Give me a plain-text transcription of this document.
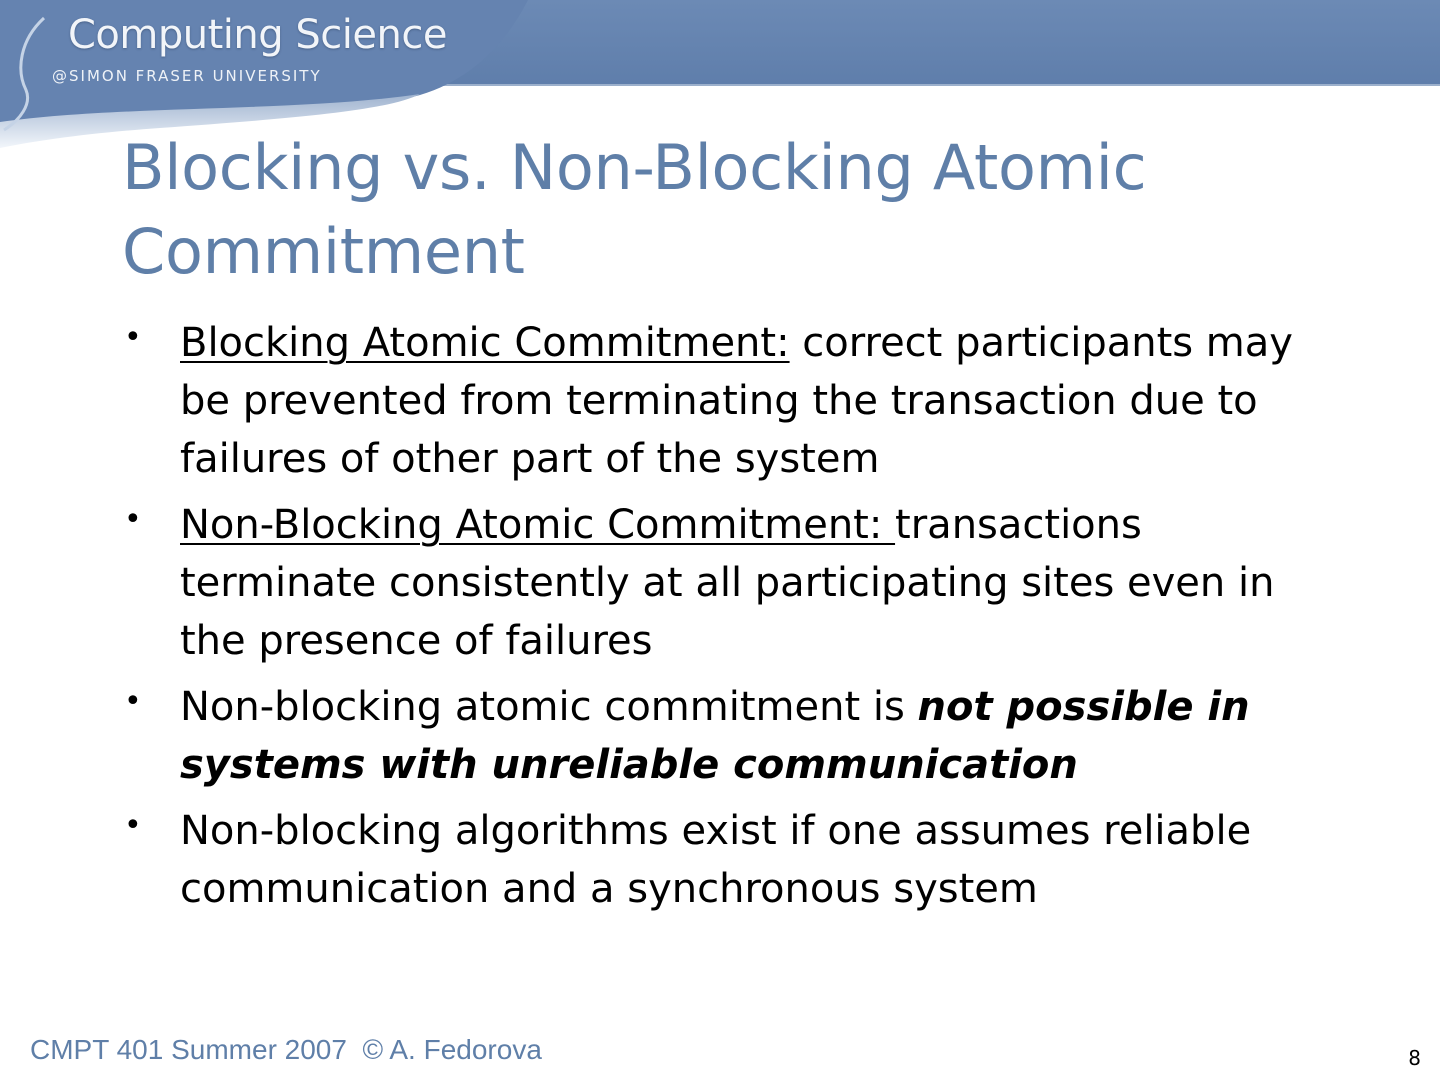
Computing Science
@SIMON FRASER UNIVERSITY
Blocking vs. Non-Blocking Atomic Commitment
• Blocking Atomic Commitment: correct participants may be prevented from terminating the transaction due to failures of other part of the system
• Non-Blocking Atomic Commitment: transactions terminate consistently at all participating sites even in the presence of failures
• Non-blocking atomic commitment is not possible in systems with unreliable communication
• Non-blocking algorithms exist if one assumes reliable communication and a synchronous system
CMPT 401 Summer 2007  © A. Fedorova	8
